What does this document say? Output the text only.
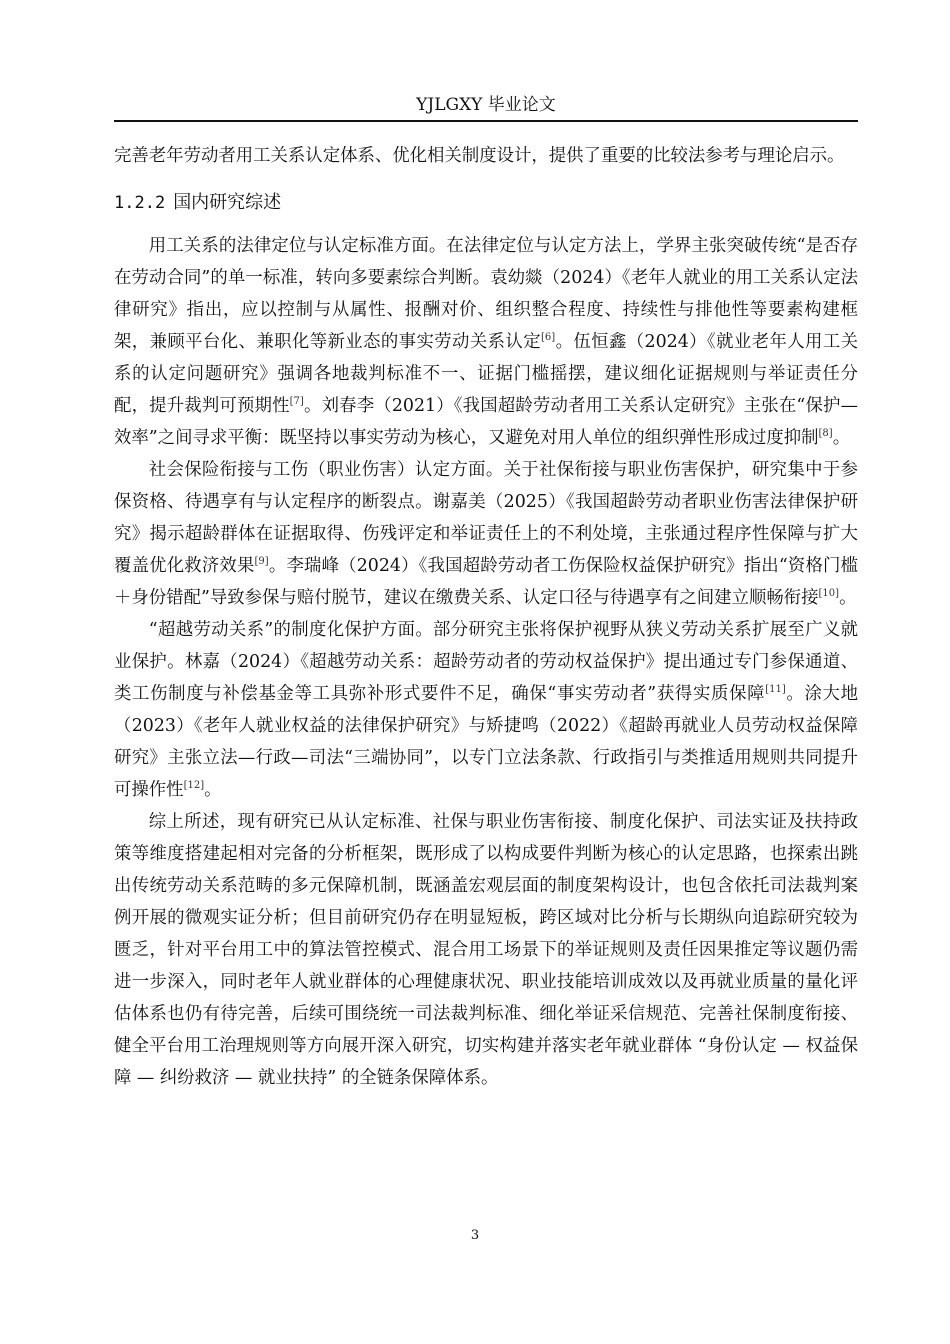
YJLGXY 毕业论文

完善老年劳动者用工关系认定体系、优化相关制度设计，提供了重要的比较法参考与理论启示。

1.2.2 国内研究综述

用工关系的法律定位与认定标准方面。在法律定位与认定方法上，学界主张突破传统“是否存在劳动合同”的单一标准，转向多要素综合判断。袁幼燚（2024）《老年人就业的用工关系认定法律研究》指出，应以控制与从属性、报酬对价、组织整合程度、持续性与排他性等要素构建框架，兼顾平台化、兼职化等新业态的事实劳动关系认定[6]。伍恒鑫（2024）《就业老年人用工关系的认定问题研究》强调各地裁判标准不一、证据门槛摇摆，建议细化证据规则与举证责任分配，提升裁判可预期性[7]。刘春李（2021）《我国超龄劳动者用工关系认定研究》主张在“保护—效率”之间寻求平衡：既坚持以事实劳动为核心，又避免对用人单位的组织弹性形成过度抑制[8]。

社会保险衔接与工伤（职业伤害）认定方面。关于社保衔接与职业伤害保护，研究集中于参保资格、待遇享有与认定程序的断裂点。谢嘉美（2025）《我国超龄劳动者职业伤害法律保护研究》揭示超龄群体在证据取得、伤残评定和举证责任上的不利处境，主张通过程序性保障与扩大覆盖优化救济效果[9]。李瑞峰（2024）《我国超龄劳动者工伤保险权益保护研究》指出“资格门槛＋身份错配”导致参保与赔付脱节，建议在缴费关系、认定口径与待遇享有之间建立顺畅衔接[10]。

“超越劳动关系”的制度化保护方面。部分研究主张将保护视野从狭义劳动关系扩展至广义就业保护。林嘉（2024）《超越劳动关系：超龄劳动者的劳动权益保护》提出通过专门参保通道、类工伤制度与补偿基金等工具弥补形式要件不足，确保“事实劳动者”获得实质保障[11]。涂大地（2023）《老年人就业权益的法律保护研究》与矫捷鸣（2022）《超龄再就业人员劳动权益保障研究》主张立法—行政—司法“三端协同”，以专门立法条款、行政指引与类推适用规则共同提升可操作性[12]。

综上所述，现有研究已从认定标准、社保与职业伤害衔接、制度化保护、司法实证及扶持政策等维度搭建起相对完备的分析框架，既形成了以构成要件判断为核心的认定思路，也探索出跳出传统劳动关系范畴的多元保障机制，既涵盖宏观层面的制度架构设计，也包含依托司法裁判案例开展的微观实证分析；但目前研究仍存在明显短板，跨区域对比分析与长期纵向追踪研究较为匮乏，针对平台用工中的算法管控模式、混合用工场景下的举证规则及责任因果推定等议题仍需进一步深入，同时老年人就业群体的心理健康状况、职业技能培训成效以及再就业质量的量化评估体系也仍有待完善，后续可围绕统一司法裁判标准、细化举证采信规范、完善社保制度衔接、健全平台用工治理规则等方向展开深入研究，切实构建并落实老年就业群体 “身份认定 — 权益保障 — 纠纷救济 — 就业扶持” 的全链条保障体系。

3
